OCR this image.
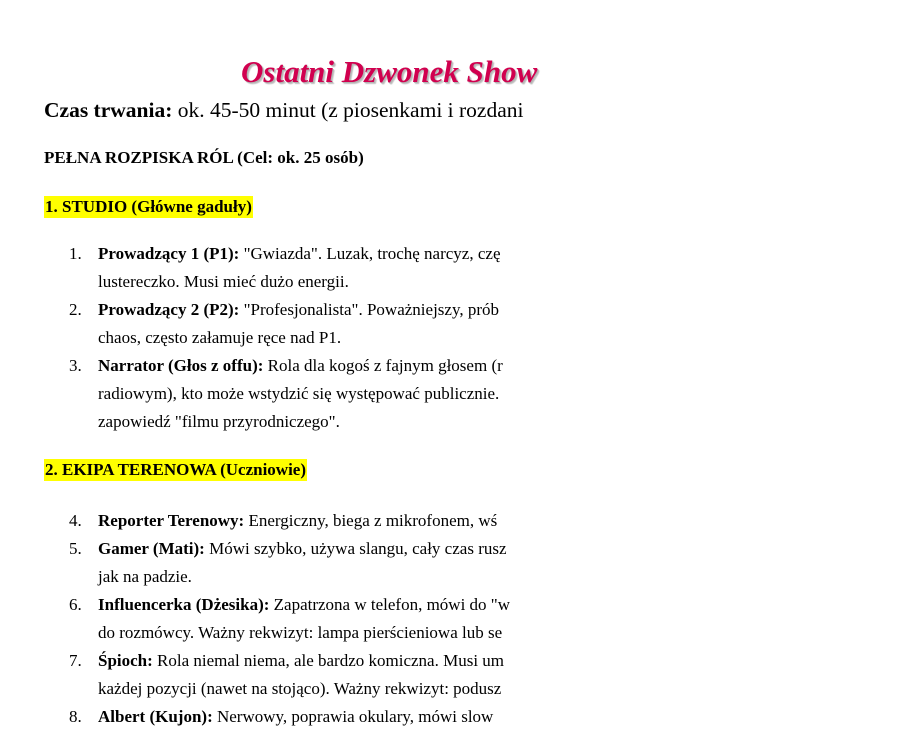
Ostatni Dzwonek Show
Czas trwania: ok. 45-50 minut (z piosenkami i rozdani
PEŁNA ROZPISKA RÓL (Cel: ok. 25 osób)
1. STUDIO (Główne gaduły)
1. Prowadzący 1 (P1): "Gwiazda". Luzak, trochę narcyz, czę
lustereczko. Musi mieć dużo energii.
2. Prowadzący 2 (P2): "Profesjonalista". Poważniejszy, prób
chaos, często załamuje ręce nad P1.
3. Narrator (Głos z offu): Rola dla kogoś z fajnym głosem (r
radiowym), kto może wstydzić się występować publicznie.
zapowiedź "filmu przyrodniczego".
2. EKIPA TERENOWA (Uczniowie)
4. Reporter Terenowy: Energiczny, biega z mikrofonem, wś
5. Gamer (Mati): Mówi szybko, używa slangu, cały czas rusz
jak na padzie.
6. Influencerka (Dżesika): Zapatrzona w telefon, mówi do "w
do rozmówcy. Ważny rekwizyt: lampa pierścieniowa lub se
7. Śpioch: Rola niemal niema, ale bardzo komiczna. Musi um
każdej pozycji (nawet na stojąco). Ważny rekwizyt: podusz
8. Albert (Kujon): Nerwowy, poprawia okulary, mówi slow
